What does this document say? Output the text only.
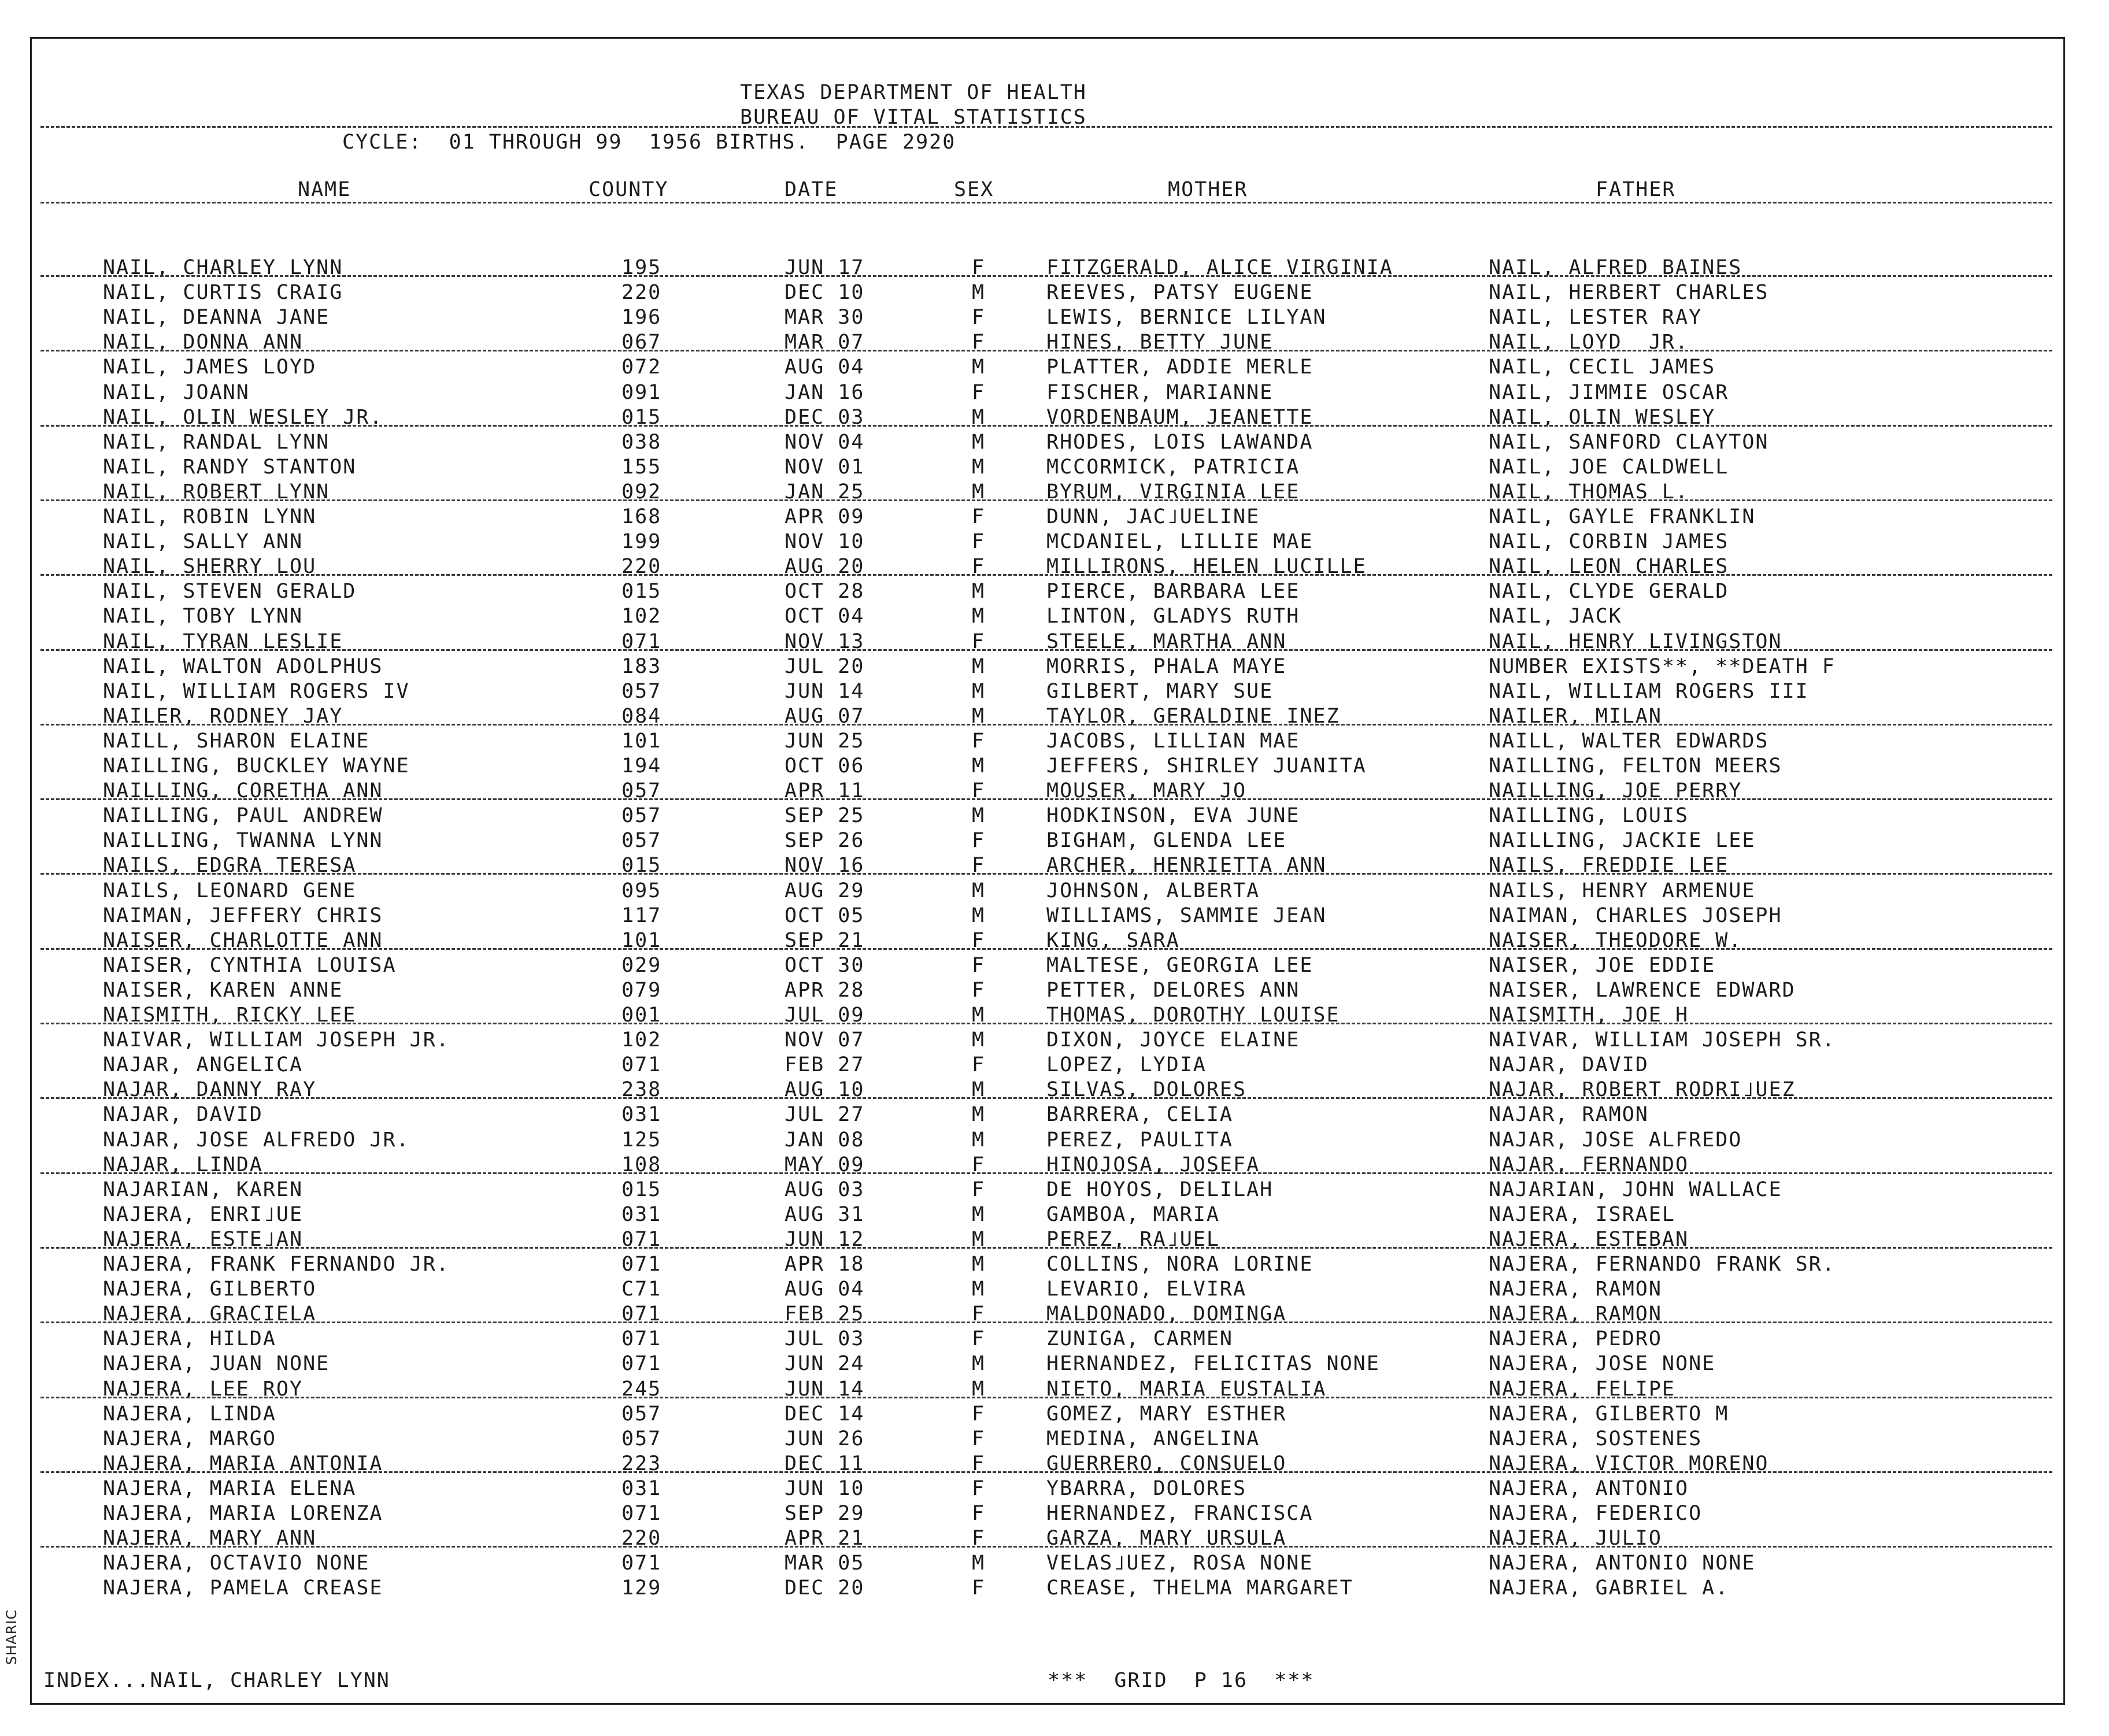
SHARIC
TEXAS DEPARTMENT OF HEALTH
BUREAU OF VITAL STATISTICS
CYCLE:  01 THROUGH 99  1956 BIRTHS.  PAGE 2920
NAME	COUNTY	DATE	SEX	MOTHER	FATHER
NAIL, CHARLEY LYNN	195	JUN 17	F	FITZGERALD, ALICE VIRGINIA	NAIL, ALFRED BAINES
NAIL, CURTIS CRAIG	220	DEC 10	M	REEVES, PATSY EUGENE	NAIL, HERBERT CHARLES
NAIL, DEANNA JANE	196	MAR 30	F	LEWIS, BERNICE LILYAN	NAIL, LESTER RAY
NAIL, DONNA ANN	067	MAR 07	F	HINES, BETTY JUNE	NAIL, LOYD  JR.
NAIL, JAMES LOYD	072	AUG 04	M	PLATTER, ADDIE MERLE	NAIL, CECIL JAMES
NAIL, JOANN	091	JAN 16	F	FISCHER, MARIANNE	NAIL, JIMMIE OSCAR
NAIL, OLIN WESLEY JR.	015	DEC 03	M	VORDENBAUM, JEANETTE	NAIL, OLIN WESLEY
NAIL, RANDAL LYNN	038	NOV 04	M	RHODES, LOIS LAWANDA	NAIL, SANFORD CLAYTON
NAIL, RANDY STANTON	155	NOV 01	M	MCCORMICK, PATRICIA	NAIL, JOE CALDWELL
NAIL, ROBERT LYNN	092	JAN 25	M	BYRUM, VIRGINIA LEE	NAIL, THOMAS L.
NAIL, ROBIN LYNN	168	APR 09	F	DUNN, JAC˩UELINE	NAIL, GAYLE FRANKLIN
NAIL, SALLY ANN	199	NOV 10	F	MCDANIEL, LILLIE MAE	NAIL, CORBIN JAMES
NAIL, SHERRY LOU	220	AUG 20	F	MILLIRONS, HELEN LUCILLE	NAIL, LEON CHARLES
NAIL, STEVEN GERALD	015	OCT 28	M	PIERCE, BARBARA LEE	NAIL, CLYDE GERALD
NAIL, TOBY LYNN	102	OCT 04	M	LINTON, GLADYS RUTH	NAIL, JACK
NAIL, TYRAN LESLIE	071	NOV 13	F	STEELE, MARTHA ANN	NAIL, HENRY LIVINGSTON
NAIL, WALTON ADOLPHUS	183	JUL 20	M	MORRIS, PHALA MAYE	NUMBER EXISTS**, **DEATH F
NAIL, WILLIAM ROGERS IV	057	JUN 14	M	GILBERT, MARY SUE	NAIL, WILLIAM ROGERS III
NAILER, RODNEY JAY	084	AUG 07	M	TAYLOR, GERALDINE INEZ	NAILER, MILAN
NAILL, SHARON ELAINE	101	JUN 25	F	JACOBS, LILLIAN MAE	NAILL, WALTER EDWARDS
NAILLING, BUCKLEY WAYNE	194	OCT 06	M	JEFFERS, SHIRLEY JUANITA	NAILLING, FELTON MEERS
NAILLING, CORETHA ANN	057	APR 11	F	MOUSER, MARY JO	NAILLING, JOE PERRY
NAILLING, PAUL ANDREW	057	SEP 25	M	HODKINSON, EVA JUNE	NAILLING, LOUIS
NAILLING, TWANNA LYNN	057	SEP 26	F	BIGHAM, GLENDA LEE	NAILLING, JACKIE LEE
NAILS, EDGRA TERESA	015	NOV 16	F	ARCHER, HENRIETTA ANN	NAILS, FREDDIE LEE
NAILS, LEONARD GENE	095	AUG 29	M	JOHNSON, ALBERTA	NAILS, HENRY ARMENUE
NAIMAN, JEFFERY CHRIS	117	OCT 05	M	WILLIAMS, SAMMIE JEAN	NAIMAN, CHARLES JOSEPH
NAISER, CHARLOTTE ANN	101	SEP 21	F	KING, SARA	NAISER, THEODORE W.
NAISER, CYNTHIA LOUISA	029	OCT 30	F	MALTESE, GEORGIA LEE	NAISER, JOE EDDIE
NAISER, KAREN ANNE	079	APR 28	F	PETTER, DELORES ANN	NAISER, LAWRENCE EDWARD
NAISMITH, RICKY LEE	001	JUL 09	M	THOMAS, DOROTHY LOUISE	NAISMITH, JOE H
NAIVAR, WILLIAM JOSEPH JR.	102	NOV 07	M	DIXON, JOYCE ELAINE	NAIVAR, WILLIAM JOSEPH SR.
NAJAR, ANGELICA	071	FEB 27	F	LOPEZ, LYDIA	NAJAR, DAVID
NAJAR, DANNY RAY	238	AUG 10	M	SILVAS, DOLORES	NAJAR, ROBERT RODRI˩UEZ
NAJAR, DAVID	031	JUL 27	M	BARRERA, CELIA	NAJAR, RAMON
NAJAR, JOSE ALFREDO JR.	125	JAN 08	M	PEREZ, PAULITA	NAJAR, JOSE ALFREDO
NAJAR, LINDA	108	MAY 09	F	HINOJOSA, JOSEFA	NAJAR, FERNANDO
NAJARIAN, KAREN	015	AUG 03	F	DE HOYOS, DELILAH	NAJARIAN, JOHN WALLACE
NAJERA, ENRI˩UE	031	AUG 31	M	GAMBOA, MARIA	NAJERA, ISRAEL
NAJERA, ESTE˩AN	071	JUN 12	M	PEREZ, RA˩UEL	NAJERA, ESTEBAN
NAJERA, FRANK FERNANDO JR.	071	APR 18	M	COLLINS, NORA LORINE	NAJERA, FERNANDO FRANK SR.
NAJERA, GILBERTO	C71	AUG 04	M	LEVARIO, ELVIRA	NAJERA, RAMON
NAJERA, GRACIELA	071	FEB 25	F	MALDONADO, DOMINGA	NAJERA, RAMON
NAJERA, HILDA	071	JUL 03	F	ZUNIGA, CARMEN	NAJERA, PEDRO
NAJERA, JUAN NONE	071	JUN 24	M	HERNANDEZ, FELICITAS NONE	NAJERA, JOSE NONE
NAJERA, LEE ROY	245	JUN 14	M	NIETO, MARIA EUSTALIA	NAJERA, FELIPE
NAJERA, LINDA	057	DEC 14	F	GOMEZ, MARY ESTHER	NAJERA, GILBERTO M
NAJERA, MARGO	057	JUN 26	F	MEDINA, ANGELINA	NAJERA, SOSTENES
NAJERA, MARIA ANTONIA	223	DEC 11	F	GUERRERO, CONSUELO	NAJERA, VICTOR MORENO
NAJERA, MARIA ELENA	031	JUN 10	F	YBARRA, DOLORES	NAJERA, ANTONIO
NAJERA, MARIA LORENZA	071	SEP 29	F	HERNANDEZ, FRANCISCA	NAJERA, FEDERICO
NAJERA, MARY ANN	220	APR 21	F	GARZA, MARY URSULA	NAJERA, JULIO
NAJERA, OCTAVIO NONE	071	MAR 05	M	VELAS˩UEZ, ROSA NONE	NAJERA, ANTONIO NONE
NAJERA, PAMELA CREASE	129	DEC 20	F	CREASE, THELMA MARGARET	NAJERA, GABRIEL A.
INDEX...NAIL, CHARLEY LYNN	***  GRID  P 16  ***
